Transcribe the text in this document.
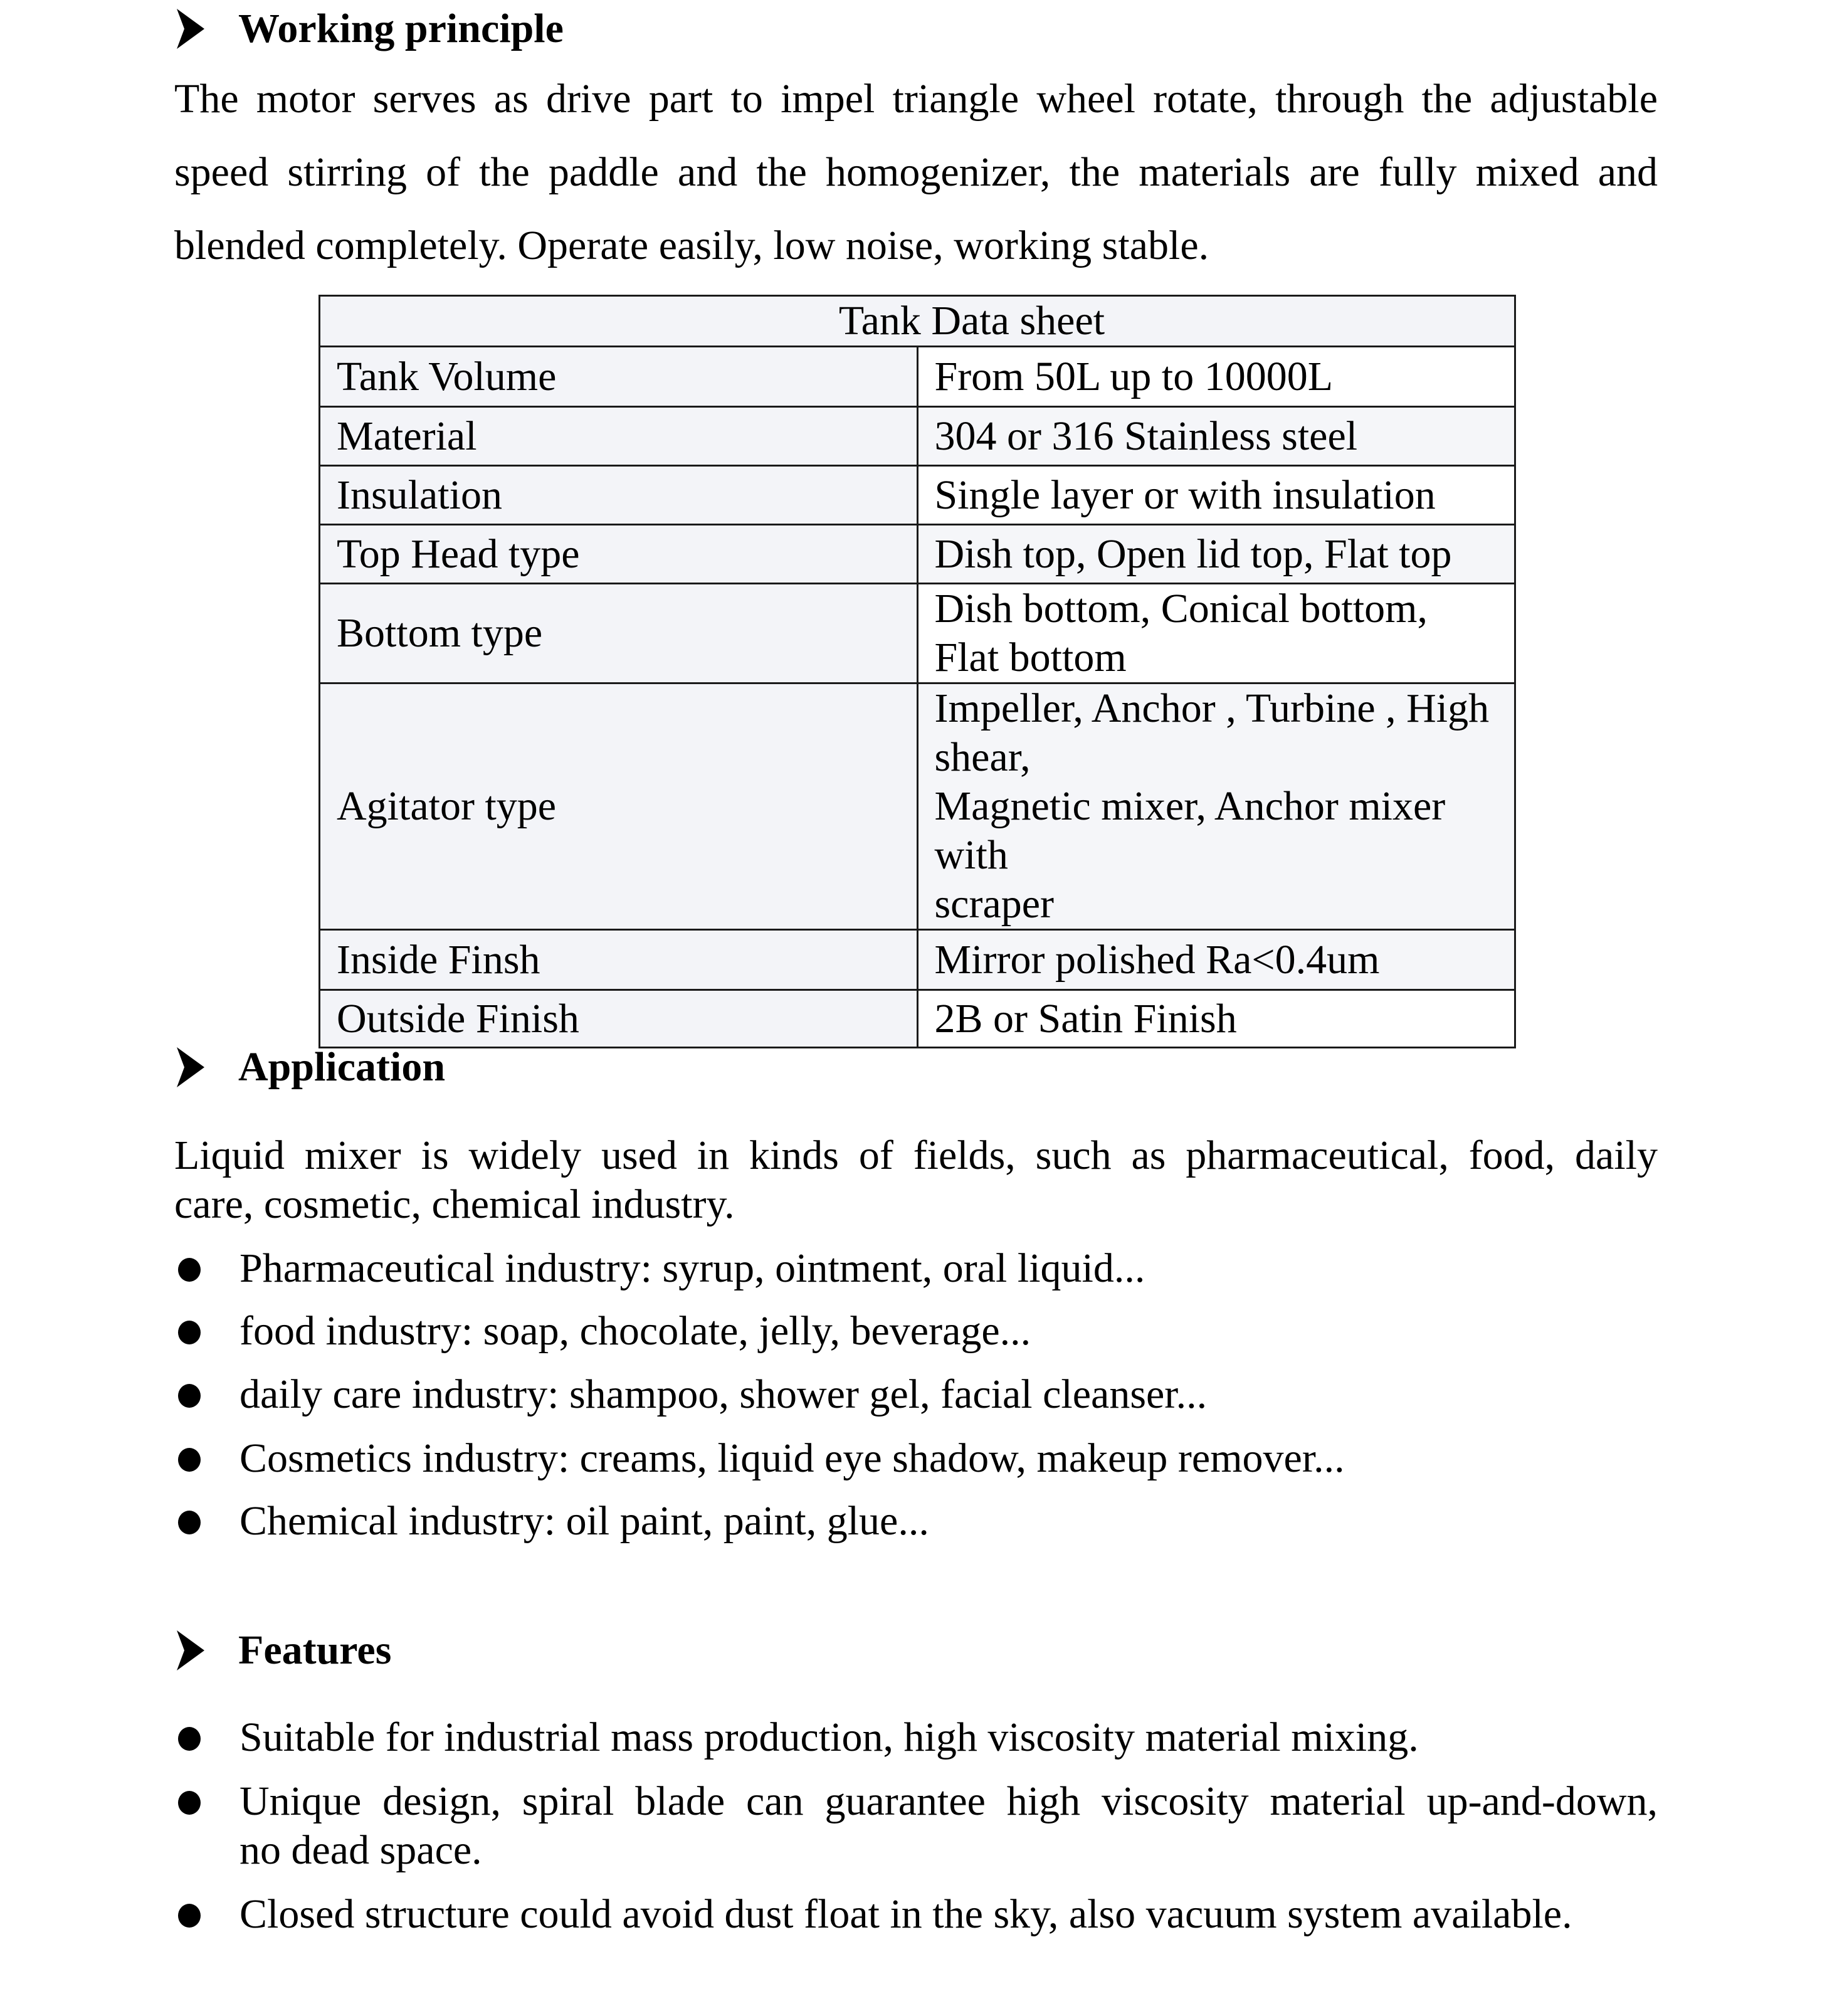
Working principle
The motor serves as drive part to impel triangle wheel rotate, through the adjustable
speed stirring of the paddle and the homogenizer, the materials are fully mixed and
blended completely. Operate easily, low noise, working stable.
Tank Data sheet	
Tank Volume	From 50L up to 10000L
Material	304 or 316 Stainless steel
Insulation	Single layer or with insulation
Top Head type	Dish top, Open lid top, Flat top
Bottom type	Dish bottom, Conical bottom, Flat bottom
Agitator type	Impeller, Anchor , Turbine , High shear,
Magnetic mixer, Anchor mixer with
scraper

Inside Finsh	Mirror polished Ra<0.4um
Outside Finish	2B or Satin Finish
Application
Liquid mixer is widely used in kinds of fields, such as pharmaceutical, food, daily
care, cosmetic, chemical industry.
Pharmaceutical industry: syrup, ointment, oral liquid...
food industry: soap, chocolate, jelly, beverage...
daily care industry: shampoo, shower gel, facial cleanser...
Cosmetics industry: creams, liquid eye shadow, makeup remover...
Chemical industry: oil paint, paint, glue...
Features
Suitable for industrial mass production, high viscosity material mixing.
Unique design, spiral blade can guarantee high viscosity material up-and-down,
no dead space.
Closed structure could avoid dust float in the sky, also vacuum system available.
